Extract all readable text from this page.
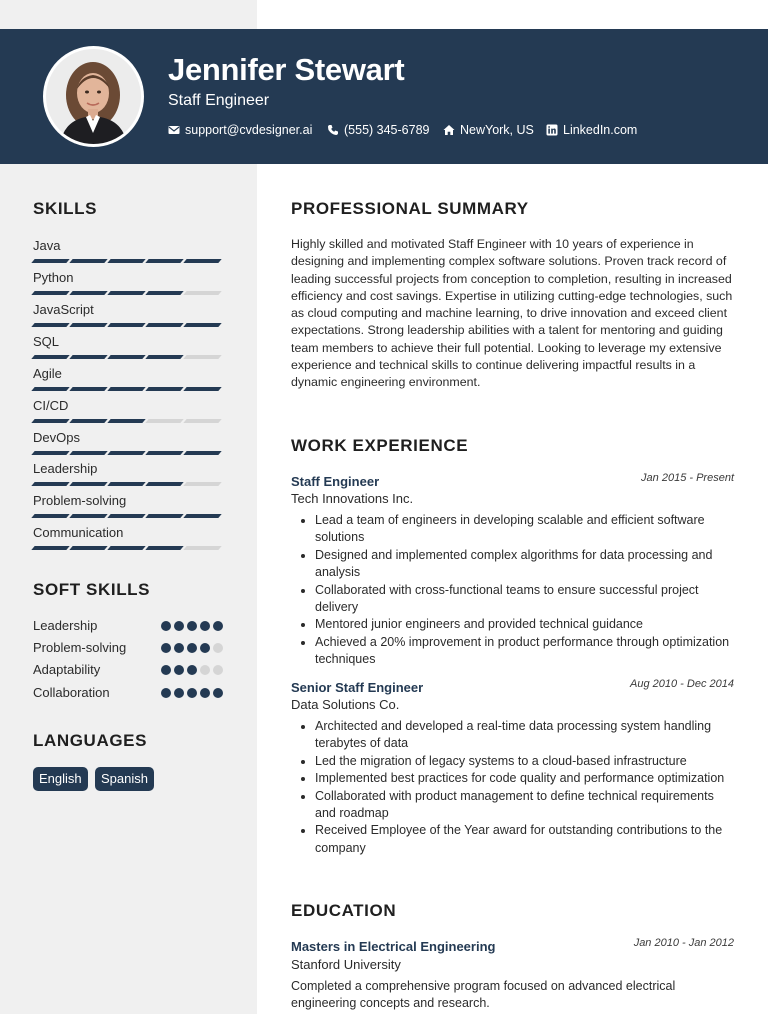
Jennifer Stewart
Staff Engineer
support@cvdesigner.ai	(555) 345-6789 NewYork, US LinkedIn.com
SKILLS
Java
Python
JavaScript
SQL
Agile
CI/CD
DevOps
Leadership
Problem-solving
Communication
SOFT SKILLS
Leadership
Problem-solving
Adaptability
Collaboration
LANGUAGES
English	Spanish
PROFESSIONAL SUMMARY
Highly skilled and motivated Staff Engineer with 10 years of experience in designing and implementing complex software solutions. Proven track record of leading successful projects from conception to completion, resulting in increased efficiency and cost savings. Expertise in utilizing cutting-edge technologies, such as cloud computing and machine learning, to drive innovation and exceed client expectations. Strong leadership abilities with a talent for mentoring and guiding team members to achieve their full potential. Looking to leverage my extensive experience and technical skills to continue delivering impactful results in a dynamic engineering environment.
WORK EXPERIENCE
Staff Engineer	Jan 2015 - Present
Tech Innovations Inc.
Lead a team of engineers in developing scalable and efficient software solutions
Designed and implemented complex algorithms for data processing and analysis
Collaborated with cross-functional teams to ensure successful project delivery
Mentored junior engineers and provided technical guidance
Achieved a 20% improvement in product performance through optimization techniques
Senior Staff Engineer	Aug 2010 - Dec 2014
Data Solutions Co.
Architected and developed a real-time data processing system handling terabytes of data
Led the migration of legacy systems to a cloud-based infrastructure
Implemented best practices for code quality and performance optimization
Collaborated with product management to define technical requirements and roadmap
Received Employee of the Year award for outstanding contributions to the company
EDUCATION
Masters in Electrical Engineering	Jan 2010 - Jan 2012
Stanford University
Completed a comprehensive program focused on advanced electrical engineering concepts and research.
